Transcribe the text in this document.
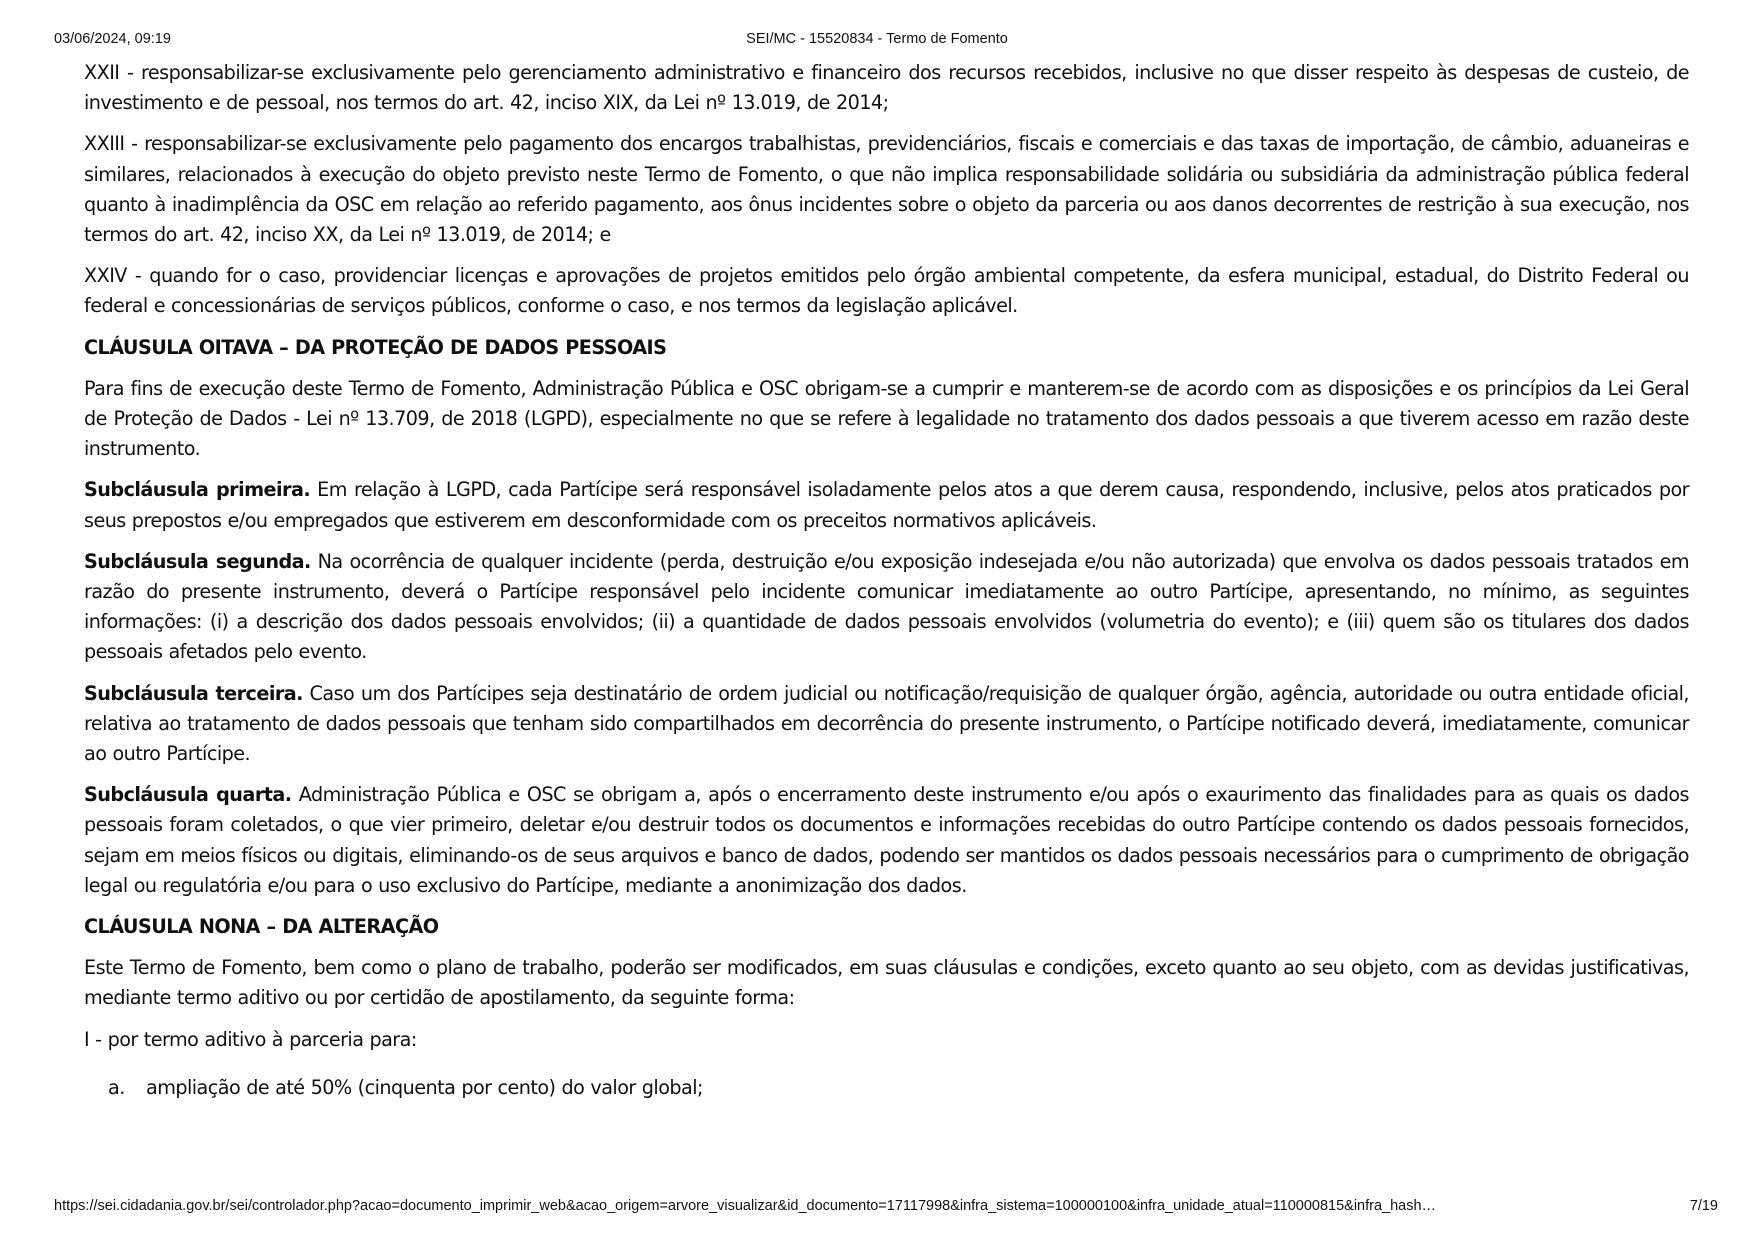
03/06/2024, 09:19	SEI/MC - 15520834 - Termo de Fomento

XXII - responsabilizar-se exclusivamente pelo gerenciamento administrativo e financeiro dos recursos recebidos, inclusive no que disser respeito às despesas de custeio, de investimento e de pessoal, nos termos do art. 42, inciso XIX, da Lei nº 13.019, de 2014;

XXIII - responsabilizar-se exclusivamente pelo pagamento dos encargos trabalhistas, previdenciários, fiscais e comerciais e das taxas de importação, de câmbio, aduaneiras e similares, relacionados à execução do objeto previsto neste Termo de Fomento, o que não implica responsabilidade solidária ou subsidiária da administração pública federal quanto à inadimplência da OSC em relação ao referido pagamento, aos ônus incidentes sobre o objeto da parceria ou aos danos decorrentes de restrição à sua execução, nos termos do art. 42, inciso XX, da Lei nº 13.019, de 2014; e

XXIV - quando for o caso, providenciar licenças e aprovações de projetos emitidos pelo órgão ambiental competente, da esfera municipal, estadual, do Distrito Federal ou federal e concessionárias de serviços públicos, conforme o caso, e nos termos da legislação aplicável.

CLÁUSULA OITAVA – DA PROTEÇÃO DE DADOS PESSOAIS

Para fins de execução deste Termo de Fomento, Administração Pública e OSC obrigam-se a cumprir e manterem-se de acordo com as disposições e os princípios da Lei Geral de Proteção de Dados - Lei nº 13.709, de 2018 (LGPD), especialmente no que se refere à legalidade no tratamento dos dados pessoais a que tiverem acesso em razão deste instrumento.

Subcláusula primeira. Em relação à LGPD, cada Partícipe será responsável isoladamente pelos atos a que derem causa, respondendo, inclusive, pelos atos praticados por seus prepostos e/ou empregados que estiverem em desconformidade com os preceitos normativos aplicáveis.

Subcláusula segunda. Na ocorrência de qualquer incidente (perda, destruição e/ou exposição indesejada e/ou não autorizada) que envolva os dados pessoais tratados em razão do presente instrumento, deverá o Partícipe responsável pelo incidente comunicar imediatamente ao outro Partícipe, apresentando, no mínimo, as seguintes informações: (i) a descrição dos dados pessoais envolvidos; (ii) a quantidade de dados pessoais envolvidos (volumetria do evento); e (iii) quem são os titulares dos dados pessoais afetados pelo evento.

Subcláusula terceira. Caso um dos Partícipes seja destinatário de ordem judicial ou notificação/requisição de qualquer órgão, agência, autoridade ou outra entidade oficial, relativa ao tratamento de dados pessoais que tenham sido compartilhados em decorrência do presente instrumento, o Partícipe notificado deverá, imediatamente, comunicar ao outro Partícipe.

Subcláusula quarta. Administração Pública e OSC se obrigam a, após o encerramento deste instrumento e/ou após o exaurimento das finalidades para as quais os dados pessoais foram coletados, o que vier primeiro, deletar e/ou destruir todos os documentos e informações recebidas do outro Partícipe contendo os dados pessoais fornecidos, sejam em meios físicos ou digitais, eliminando-os de seus arquivos e banco de dados, podendo ser mantidos os dados pessoais necessários para o cumprimento de obrigação legal ou regulatória e/ou para o uso exclusivo do Partícipe, mediante a anonimização dos dados.

CLÁUSULA NONA – DA ALTERAÇÃO

Este Termo de Fomento, bem como o plano de trabalho, poderão ser modificados, em suas cláusulas e condições, exceto quanto ao seu objeto, com as devidas justificativas, mediante termo aditivo ou por certidão de apostilamento, da seguinte forma:

I - por termo aditivo à parceria para:

a. ampliação de até 50% (cinquenta por cento) do valor global;
https://sei.cidadania.gov.br/sei/controlador.php?acao=documento_imprimir_web&acao_origem=arvore_visualizar&id_documento=17117998&infra_sistema=100000100&infra_unidade_atual=110000815&infra_hash…	7/19
